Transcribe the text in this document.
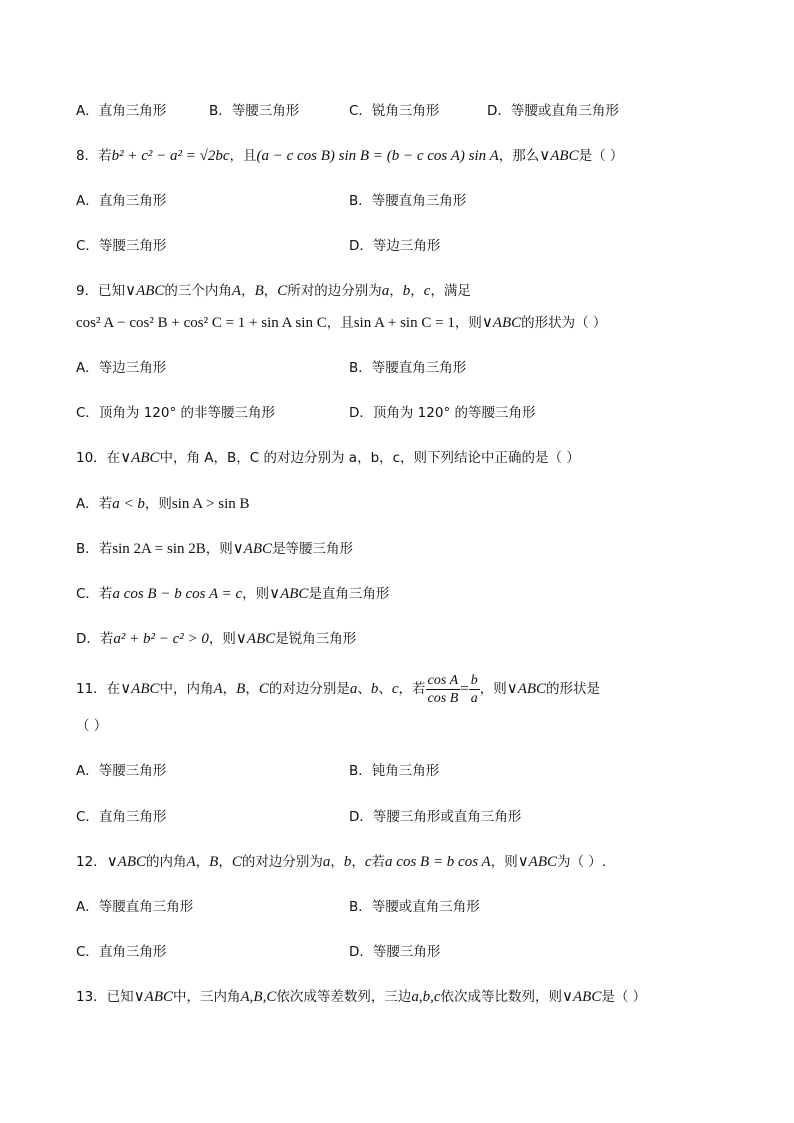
A．直角三角形	B．等腰三角形	C．锐角三角形	D．等腰或直角三角形
8．若b² + c² − a² = √2bc，且(a − c cos B) sin B = (b − c cos A) sin A，那么∨ABC是（ ）
A．直角三角形	B．等腰直角三角形
C．等腰三角形	D．等边三角形
9．已知∨ABC的三个内角A，B，C所对的边分别为a，b，c，满足
cos² A − cos² B + cos² C = 1 + sin A sin C，且sin A + sin C = 1，则∨ABC的形状为（ ）
A．等边三角形	B．等腰直角三角形
C．顶角为 120° 的非等腰三角形	D．顶角为 120° 的等腰三角形
10．在∨ABC中，角 A，B，C 的对边分别为 a，b，c，则下列结论中正确的是（ ）
A．若a < b，则sin A > sin B
B．若sin 2A = sin 2B，则∨ABC是等腰三角形
C．若a cos B − b cos A = c，则∨ABC是直角三角形
D．若a² + b² − c² > 0，则∨ABC是锐角三角形
11．在∨ABC中，内角A，B，C的对边分别是a、b、c，若 $\frac{\text{cos A}}{\text{cos B}} = \frac{b}{a}$ ，则∨ABC的形状是
（ ）
A．等腰三角形	B．钝角三角形
C．直角三角形	D．等腰三角形或直角三角形
12．∨ABC的内角A，B，C的对边分别为a，b，c若a cos B = b cos A，则∨ABC为（ ）.
A．等腰直角三角形	B．等腰或直角三角形
C．直角三角形	D．等腰三角形
13．已知∨ABC中，三内角A,B,C依次成等差数列，三边a,b,c依次成等比数列，则∨ABC是（ ）
